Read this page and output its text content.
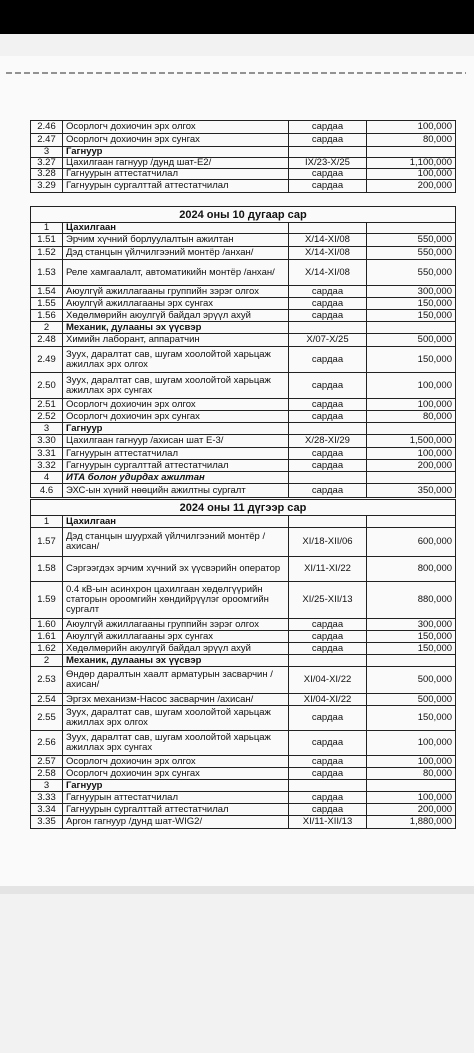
2.46	Осорлогч дохиочин эрх олгох	сардаа	100,000
2.47	Осорлогч дохиочин эрх сунгах	сардаа	80,000
3	Гагнуур		
3.27	Цахилгаан гагнуур /дунд шат-Е2/	IX/23-X/25	1,100,000
3.28	Гагнуурын аттестатчилал	сардаа	100,000
3.29	Гагнуурын сургалттай аттестатчилал	сардаа	200,000
2024 оны 10 дугаар сар			
1	Цахилгаан		
1.51	Эрчим хүчний борлуулалтын ажилтан	X/14-XI/08	550,000
1.52	Дэд станцын үйлчилгээний монтёр /анхан/	X/14-XI/08	550,000
1.53	Реле хамгаалалт, автоматикийн монтёр /анхан/	X/14-XI/08	550,000
1.54	Аюулгүй ажиллагааны группийн зэрэг олгох	сардаа	300,000
1.55	Аюулгүй ажиллагааны эрх сунгах	сардаа	150,000
1.56	Хөдөлмөрийн аюулгүй байдал эрүүл ахуй	сардаа	150,000
2	Механик, дулааны эх үүсвэр		
2.48	Химийн лаборант, аппаратчин	X/07-X/25	500,000
2.49	Зуух, даралтат сав, шугам хоолойтой харьцаж ажиллах эрх олгох	сардаа	150,000
2.50	Зуух, даралтат сав, шугам хоолойтой харьцаж ажиллах эрх сунгах	сардаа	100,000
2.51	Осорлогч дохиочин эрх олгох	сардаа	100,000
2.52	Осорлогч дохиочин эрх сунгах	сардаа	80,000
3	Гагнуур		
3.30	Цахилгаан гагнуур /ахисан шат Е-3/	X/28-XI/29	1,500,000
3.31	Гагнуурын аттестатчилал	сардаа	100,000
3.32	Гагнуурын сургалттай аттестатчилал	сардаа	200,000
4	ИТА болон удирдах ажилтан		
4.6	ЭХС-ын хүний нөөцийн ажилтны сургалт	сардаа	350,000
2024 оны 11 дүгээр сар			
1	Цахилгаан		
1.57	Дэд станцын шуурхай үйлчилгээний монтёр /ахисан/	XI/18-XII/06	600,000
1.58	Сэргээгдэх эрчим хүчний эх үүсвэрийн оператор	XI/11-XI/22	800,000
1.59	0.4 кВ-ын асинхрон цахилгаан хөдөлгүүрийн статорын ороомгийн хөндийрүүлэг ороомгийн сургалт	XI/25-XII/13	880,000
1.60	Аюулгүй ажиллагааны группийн зэрэг олгох	сардаа	300,000
1.61	Аюулгүй ажиллагааны эрх сунгах	сардаа	150,000
1.62	Хөдөлмөрийн аюулгүй байдал эрүүл ахуй	сардаа	150,000
2	Механик, дулааны эх үүсвэр		
2.53	Өндөр даралтын хаалт арматурын засварчин /ахисан/	XI/04-XI/22	500,000
2.54	Эргэх механизм-Насос засварчин /ахисан/	XI/04-XI/22	500,000
2.55	Зуух, даралтат сав, шугам хоолойтой харьцаж ажиллах эрх олгох	сардаа	150,000
2.56	Зуух, даралтат сав, шугам хоолойтой харьцаж ажиллах эрх сунгах	сардаа	100,000
2.57	Осорлогч дохиочин эрх олгох	сардаа	100,000
2.58	Осорлогч дохиочин эрх сунгах	сардаа	80,000
3	Гагнуур		
3.33	Гагнуурын аттестатчилал	сардаа	100,000
3.34	Гагнуурын сургалттай аттестатчилал	сардаа	200,000
3.35	Аргон гагнуур /дунд шат-WIG2/	XI/11-XII/13	1,880,000
